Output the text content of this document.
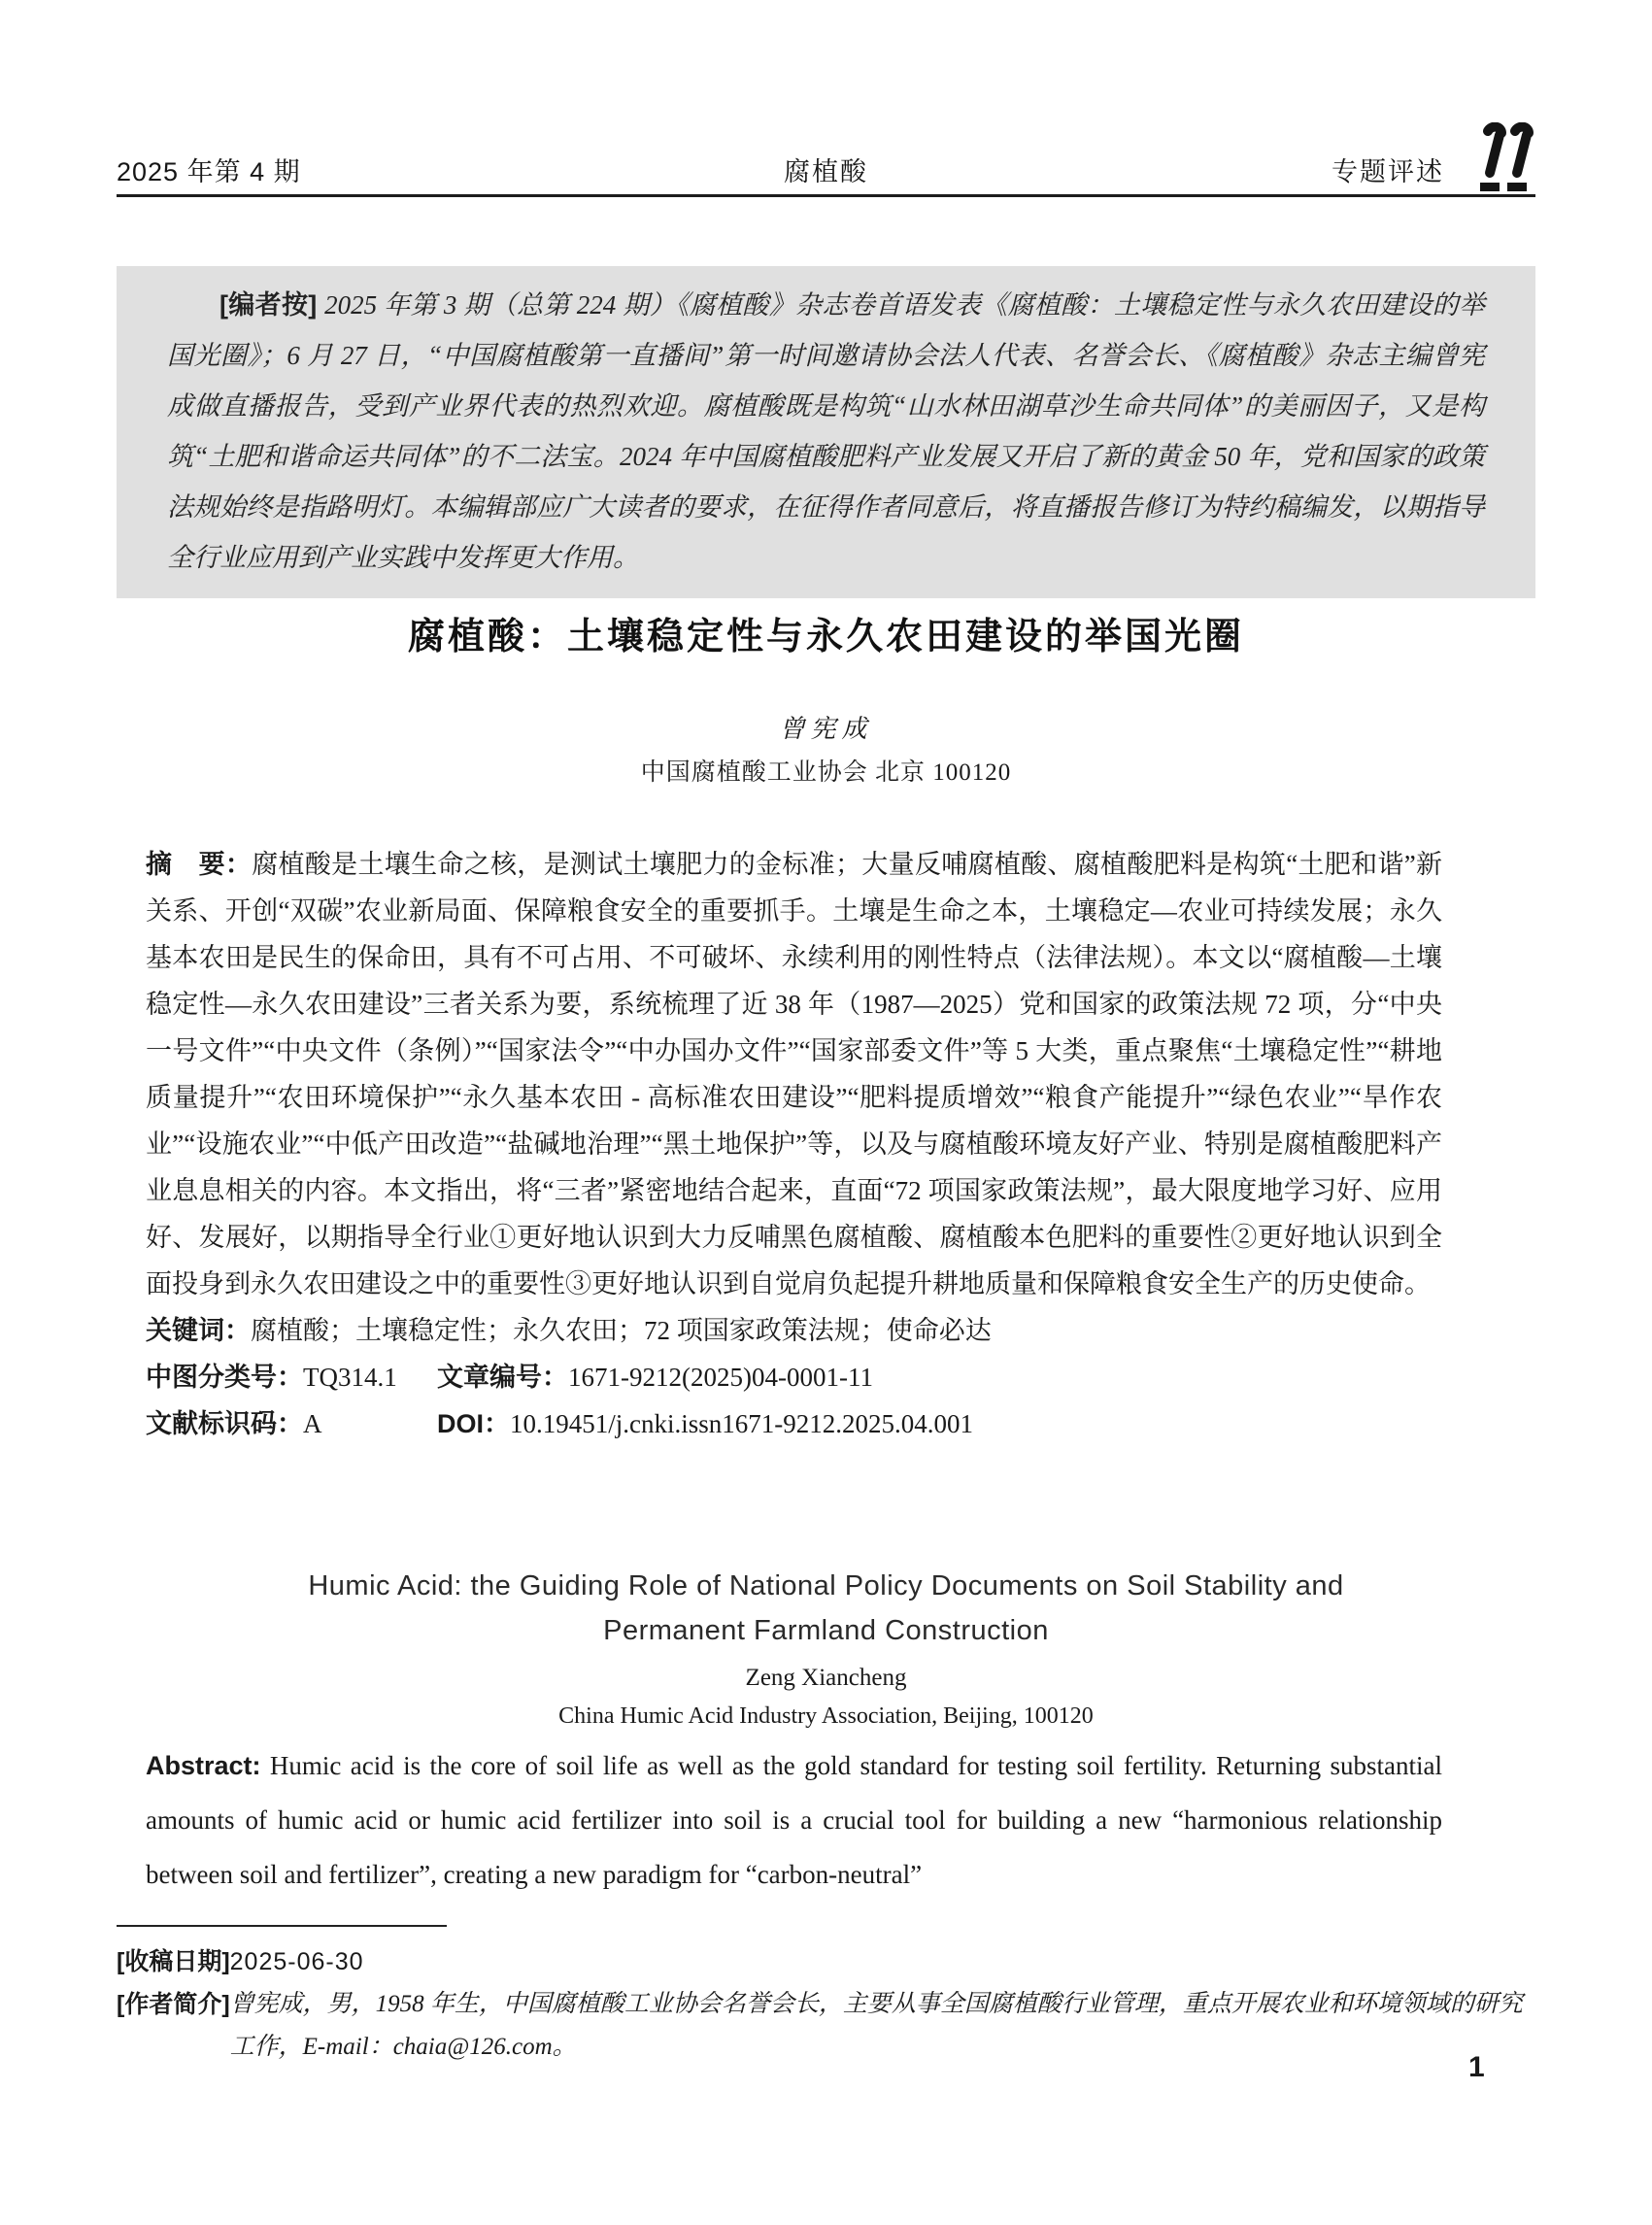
2025 年第 4 期	腐植酸	专题评述

[编者按] 2025 年第 3 期（总第 224 期）《腐植酸》杂志卷首语发表《腐植酸：土壤稳定性与永久农田建设的举国光圈》；6 月 27 日，“中国腐植酸第一直播间”第一时间邀请协会法人代表、名誉会长、《腐植酸》杂志主编曾宪成做直播报告，受到产业界代表的热烈欢迎。腐植酸既是构筑“山水林田湖草沙生命共同体”的美丽因子，又是构筑“土肥和谐命运共同体”的不二法宝。2024 年中国腐植酸肥料产业发展又开启了新的黄金 50 年，党和国家的政策法规始终是指路明灯。本编辑部应广大读者的要求，在征得作者同意后，将直播报告修订为特约稿编发，以期指导全行业应用到产业实践中发挥更大作用。

腐植酸：土壤稳定性与永久农田建设的举国光圈
曾宪成
中国腐植酸工业协会 北京 100120

摘　要：腐植酸是土壤生命之核，是测试土壤肥力的金标准；大量反哺腐植酸、腐植酸肥料是构筑“土肥和谐”新关系、开创“双碳”农业新局面、保障粮食安全的重要抓手。土壤是生命之本，土壤稳定—农业可持续发展；永久基本农田是民生的保命田，具有不可占用、不可破坏、永续利用的刚性特点（法律法规）。本文以“腐植酸—土壤稳定性—永久农田建设”三者关系为要，系统梳理了近 38 年（1987—2025）党和国家的政策法规 72 项，分“中央一号文件”“中央文件（条例）”“国家法令”“中办国办文件”“国家部委文件”等 5 大类，重点聚焦“土壤稳定性”“耕地质量提升”“农田环境保护”“永久基本农田 - 高标准农田建设”“肥料提质增效”“粮食产能提升”“绿色农业”“旱作农业”“设施农业”“中低产田改造”“盐碱地治理”“黑土地保护”等，以及与腐植酸环境友好产业、特别是腐植酸肥料产业息息相关的内容。本文指出，将“三者”紧密地结合起来，直面“72 项国家政策法规”，最大限度地学习好、应用好、发展好，以期指导全行业①更好地认识到大力反哺黑色腐植酸、腐植酸本色肥料的重要性②更好地认识到全面投身到永久农田建设之中的重要性③更好地认识到自觉肩负起提升耕地质量和保障粮食安全生产的历史使命。

关键词：腐植酸；土壤稳定性；永久农田；72 项国家政策法规；使命必达

中图分类号：TQ314.1 文章编号：1671-9212(2025)04-0001-11
文献标识码：A	DOI：10.19451/j.cnki.issn1671-9212.2025.04.001
Humic Acid: the Guiding Role of National Policy Documents on Soil Stability and
Permanent Farmland Construction
Zeng Xiancheng
China Humic Acid Industry Association, Beijing, 100120

Abstract: Humic acid is the core of soil life as well as the gold standard for testing soil fertility. Returning substantial amounts of humic acid or humic acid fertilizer into soil is a crucial tool for building a new “harmonious relationship between soil and fertilizer”, creating a new paradigm for “carbon-neutral”

[收稿日期] 2025-06-30
[作者简介] 曾宪成，男，1958 年生，中国腐植酸工业协会名誉会长，主要从事全国腐植酸行业管理，重点开展农业和环境领域的研究工作，E-mail：chaia@126.com。
1
